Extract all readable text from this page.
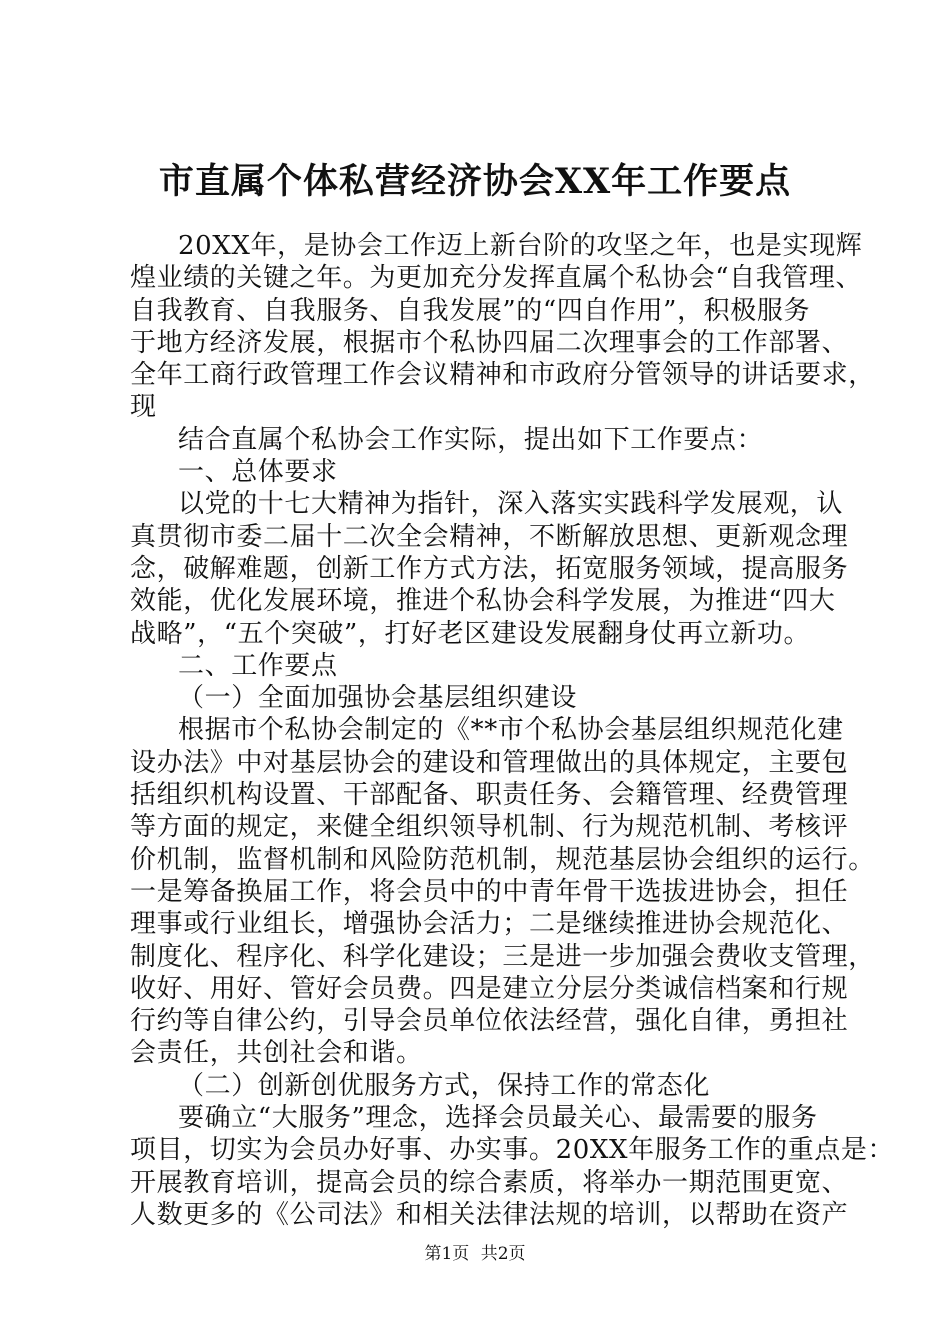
市直属个体私营经济协会XX年工作要点
20XX年，是协会工作迈上新台阶的攻坚之年，也是实现辉
煌业绩的关键之年。为更加充分发挥直属个私协会“自我管理、
自我教育、自我服务、自我发展”的“四自作用”，积极服务
于地方经济发展，根据市个私协四届二次理事会的工作部署、
全年工商行政管理工作会议精神和市政府分管领导的讲话要求，
现
结合直属个私协会工作实际，提出如下工作要点：
一、总体要求
以党的十七大精神为指针，深入落实实践科学发展观，认
真贯彻市委二届十二次全会精神，不断解放思想、更新观念理
念，破解难题，创新工作方式方法，拓宽服务领域，提高服务
效能，优化发展环境，推进个私协会科学发展，为推进“四大
战略”，“五个突破”，打好老区建设发展翻身仗再立新功。
二、工作要点
（一）全面加强协会基层组织建设
根据市个私协会制定的《**市个私协会基层组织规范化建
设办法》中对基层协会的建设和管理做出的具体规定，主要包
括组织机构设置、干部配备、职责任务、会籍管理、经费管理
等方面的规定，来健全组织领导机制、行为规范机制、考核评
价机制，监督机制和风险防范机制，规范基层协会组织的运行。
一是筹备换届工作，将会员中的中青年骨干选拔进协会，担任
理事或行业组长，增强协会活力；二是继续推进协会规范化、
制度化、程序化、科学化建设；三是进一步加强会费收支管理，
收好、用好、管好会员费。四是建立分层分类诚信档案和行规
行约等自律公约，引导会员单位依法经营，强化自律，勇担社
会责任，共创社会和谐。
（二）创新创优服务方式，保持工作的常态化
要确立“大服务”理念，选择会员最关心、最需要的服务
项目，切实为会员办好事、办实事。20XX年服务工作的重点是：
开展教育培训，提高会员的综合素质，将举办一期范围更宽、
人数更多的《公司法》和相关法律法规的培训，以帮助在资产
第1页 共2页
